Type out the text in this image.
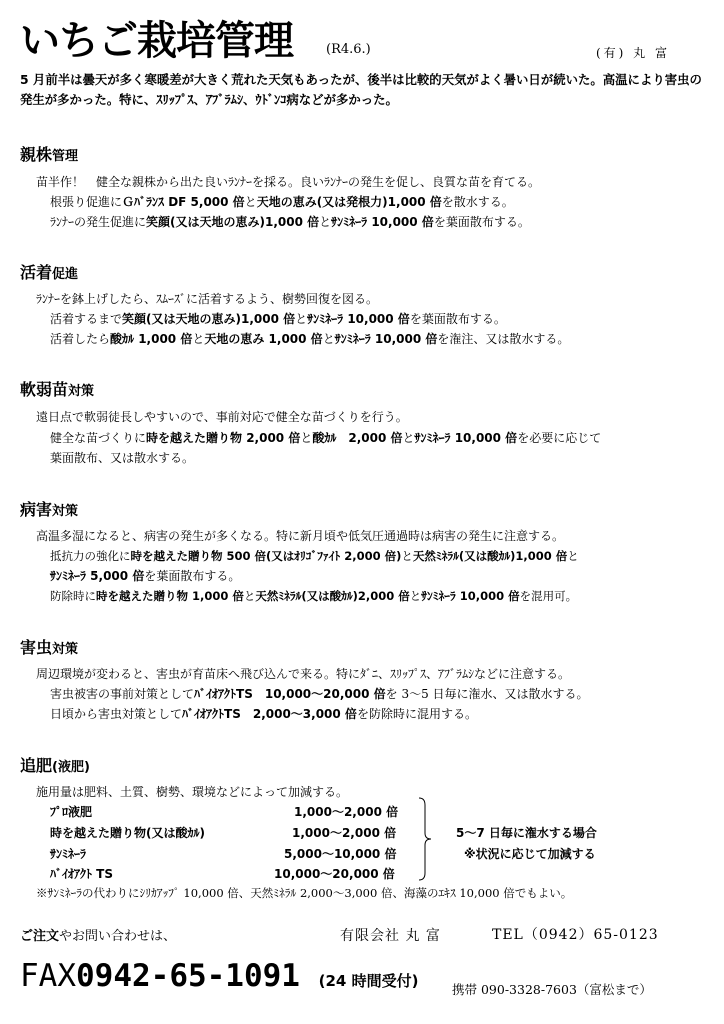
いちご栽培管理	(R4.6.)	(有) 丸 富
5 月前半は曇天が多く寒暖差が大きく荒れた天気もあったが、後半は比較的天気がよく暑い日が続いた。高温により害虫の発生が多かった。特に、ｽﾘｯﾌﾟｽ、ｱﾌﾞﾗﾑｼ、ｳﾄﾞﾝｺ病などが多かった。
親株管理
苗半作！　健全な親株から出た良いﾗﾝﾅｰを採る。良いﾗﾝﾅｰの発生を促し、良質な苗を育てる。
根張り促進にＧﾊﾞﾗﾝｽ DF 5,000 倍と天地の恵み(又は発根力)1,000 倍を散水する。
ﾗﾝﾅｰの発生促進に笑顔(又は天地の恵み)1,000 倍とｻﾝﾐﾈｰﾗ 10,000 倍を葉面散布する。
活着促進
ﾗﾝﾅｰを鉢上げしたら、ｽﾑｰｽﾞに活着するよう、樹勢回復を図る。
活着するまで笑顔(又は天地の恵み)1,000 倍とｻﾝﾐﾈｰﾗ 10,000 倍を葉面散布する。
活着したら酸ｶﾙ 1,000 倍と天地の恵み 1,000 倍とｻﾝﾐﾈｰﾗ 10,000 倍を潅注、又は散水する。
軟弱苗対策
遠日点で軟弱徒長しやすいので、事前対応で健全な苗づくりを行う。
健全な苗づくりに時を越えた贈り物 2,000 倍と酸ｶﾙ　2,000 倍とｻﾝﾐﾈｰﾗ 10,000 倍を必要に応じて
葉面散布、又は散水する。
病害対策
高温多湿になると、病害の発生が多くなる。特に新月頃や低気圧通過時は病害の発生に注意する。
抵抗力の強化に時を越えた贈り物 500 倍(又はｵﾘｺﾞﾌｧｲﾄ 2,000 倍)と天然ﾐﾈﾗﾙ(又は酸ｶﾙ)1,000 倍と
ｻﾝﾐﾈｰﾗ 5,000 倍を葉面散布する。
防除時に時を越えた贈り物 1,000 倍と天然ﾐﾈﾗﾙ(又は酸ｶﾙ)2,000 倍とｻﾝﾐﾈｰﾗ 10,000 倍を混用可。
害虫対策
周辺環境が変わると、害虫が育苗床へ飛び込んで来る。特にﾀﾞﾆ、ｽﾘｯﾌﾟｽ、ｱﾌﾞﾗﾑｼなどに注意する。
害虫被害の事前対策としてﾊﾞｲｵｱｸﾄTS　10,000～20,000 倍を 3～5 日毎に潅水、又は散水する。
日頃から害虫対策としてﾊﾞｲｵｱｸﾄTS　2,000～3,000 倍を防除時に混用する。
追肥(液肥)
施用量は肥料、土質、樹勢、環境などによって加減する。
ﾌﾟﾛ液肥	1,000～2,000 倍
時を越えた贈り物(又は酸ｶﾙ)	1,000～2,000 倍
ｻﾝﾐﾈｰﾗ	5,000～10,000 倍
ﾊﾞｲｵｱｸﾄ TS	10,000～20,000 倍
5～7 日毎に潅水する場合
※状況に応じて加減する
※ｻﾝﾐﾈｰﾗの代わりにｼﾘｶｱｯﾌﾟ 10,000 倍、天然ﾐﾈﾗﾙ 2,000～3,000 倍、海藻のｴｷｽ 10,000 倍でもよい。
ご注文やお問い合わせは、	有限会社 丸 富	TEL（0942）65-0123
FAX0942-65-1091 (24 時間受付)	携帯 090-3328-7603（富松まで）
